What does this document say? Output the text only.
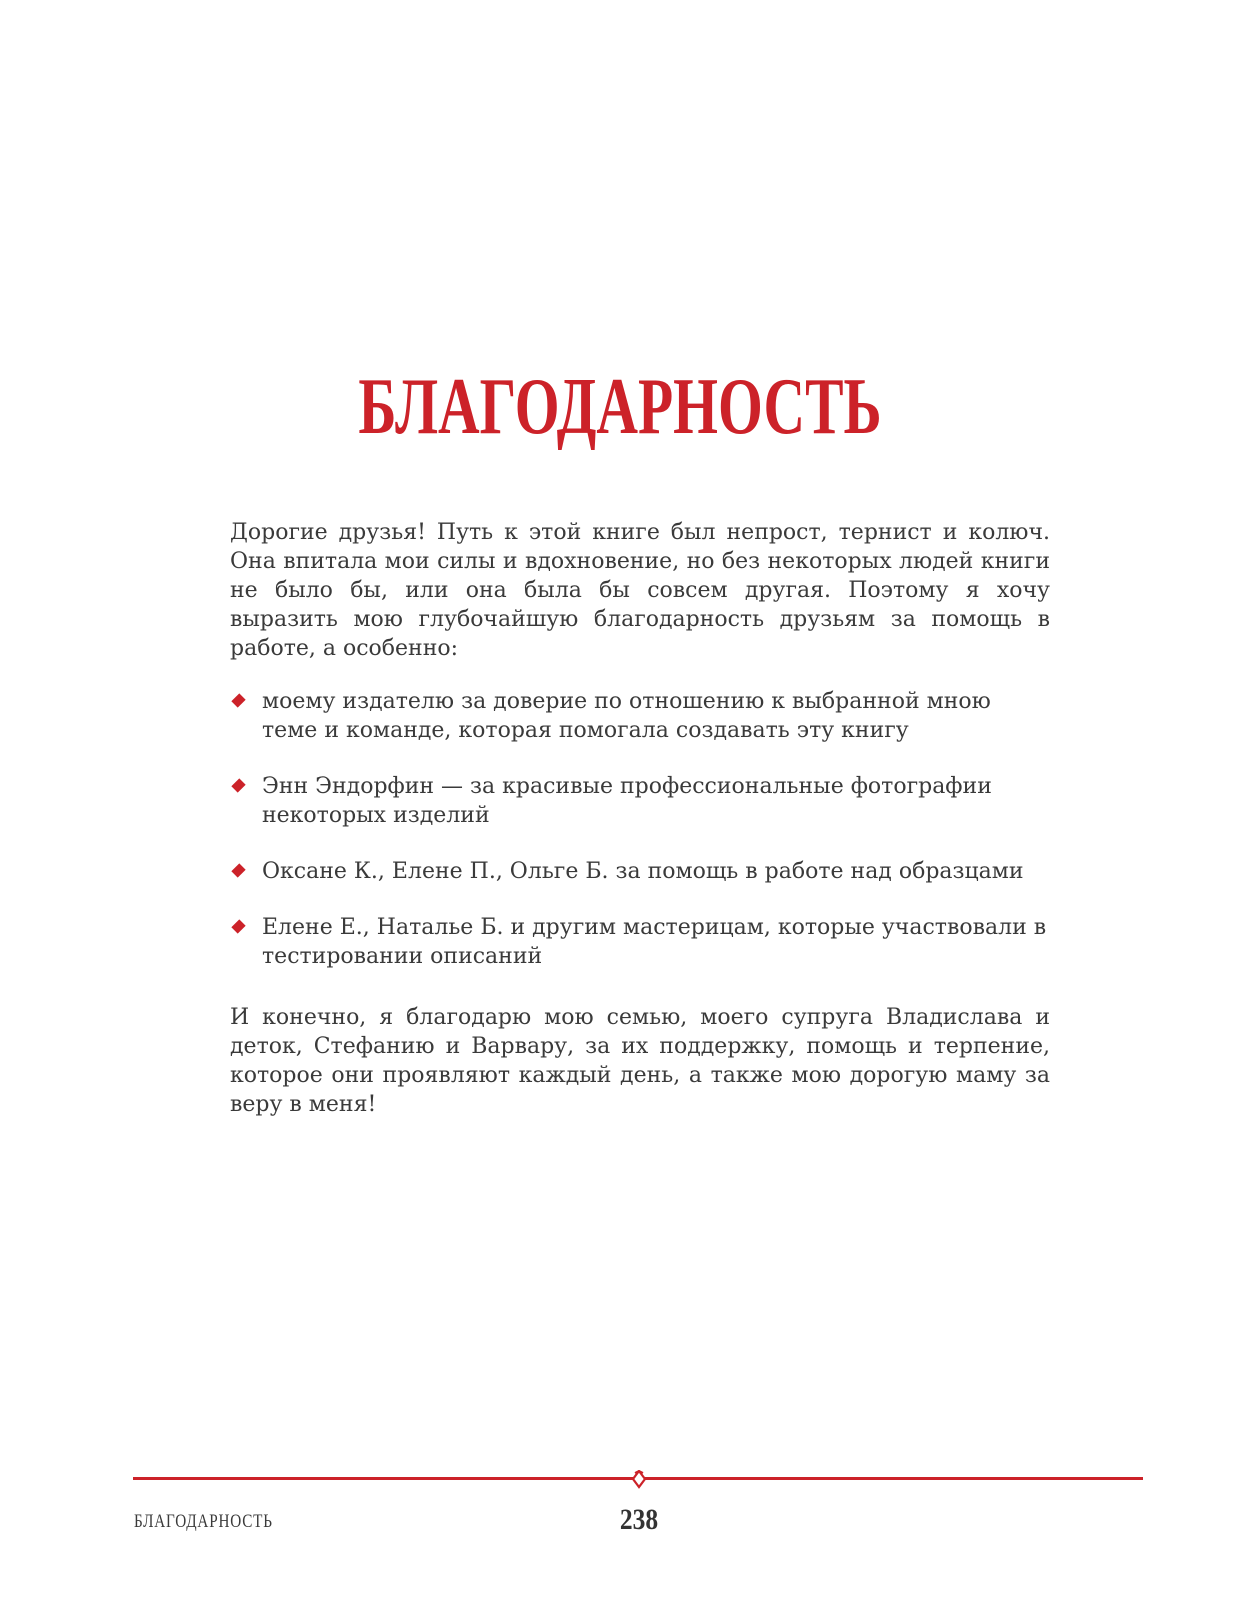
БЛАГОДАРНОСТЬ

Дорогие друзья! Путь к этой книге был непрост, тернист и колюч. Она впитала мои силы и вдохновение, но без некоторых людей книги не было бы, или она была бы совсем другая. Поэтому я хочу выразить мою глубочайшую благодарность друзьям за помощь в работе, а особенно:

моему издателю за доверие по отношению к выбранной мною теме и команде, которая помогала создавать эту книгу
Энн Эндорфин — за красивые профессиональные фотографии некоторых изделий
Оксане К., Елене П., Ольге Б. за помощь в работе над образцами
Елене Е., Наталье Б. и другим мастерицам, которые участвовали в тестировании описаний

И конечно, я благодарю мою семью, моего супруга Владислава и деток, Стефанию и Варвару, за их поддержку, помощь и терпение, которое они проявляют каждый день, а также мою дорогую маму за веру в меня!

БЛАГОДАРНОСТЬ	238
